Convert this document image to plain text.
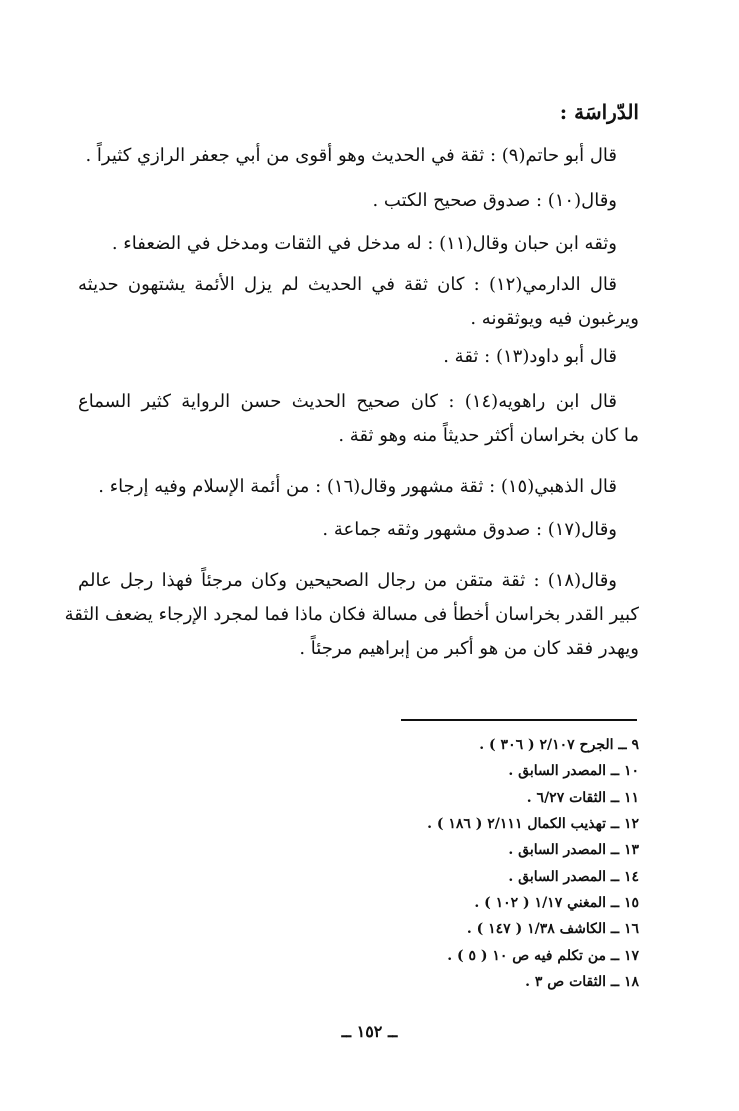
الدّراسَة :
قال أبو حاتم(٩) : ثقة في الحديث وهو أقوى من أبي جعفر الرازي كثيراً .
وقال(١٠) : صدوق صحيح الكتب .
وثقه ابن حبان وقال(١١) : له مدخل في الثقات ومدخل في الضعفاء .
قال الدارمي(١٢) : كان ثقة في الحديث لم يزل الأئمة يشتهون حديثه
ويرغبون فيه ويوثقونه .
قال أبو داود(١٣) : ثقة .
قال ابن راهويه(١٤) : كان صحيح الحديث حسن الرواية كثير السماع
ما كان بخراسان أكثر حديثاً منه وهو ثقة .
قال الذهبي(١٥) : ثقة مشهور وقال(١٦) : من أئمة الإسلام وفيه إرجاء .
وقال(١٧) : صدوق مشهور وثقه جماعة .
وقال(١٨) : ثقة متقن من رجال الصحيحين وكان مرجئاً فهذا رجل عالم
كبير القدر بخراسان أخطأ فى مسالة فكان ماذا فما لمجرد الإرجاء يضعف الثقة
ويهدر فقد كان من هو أكبر من إبراهيم مرجئاً .
٩ ــ الجرح ٢/١٠٧ ( ٣٠٦ ) .
١٠ ــ المصدر السابق .
١١ ــ الثقات ٦/٢٧ .
١٢ ــ تهذيب الكمال ٢/١١١ ( ١٨٦ ) .
١٣ ــ المصدر السابق .
١٤ ــ المصدر السابق .
١٥ ــ المغني ١/١٧ ( ١٠٢ ) .
١٦ ــ الكاشف ١/٣٨ ( ١٤٧ ) .
١٧ ــ من تكلم فيه ص ١٠ ( ٥ ) .
١٨ ــ الثقات ص ٣ .
ــ ١٥٢ ــ
